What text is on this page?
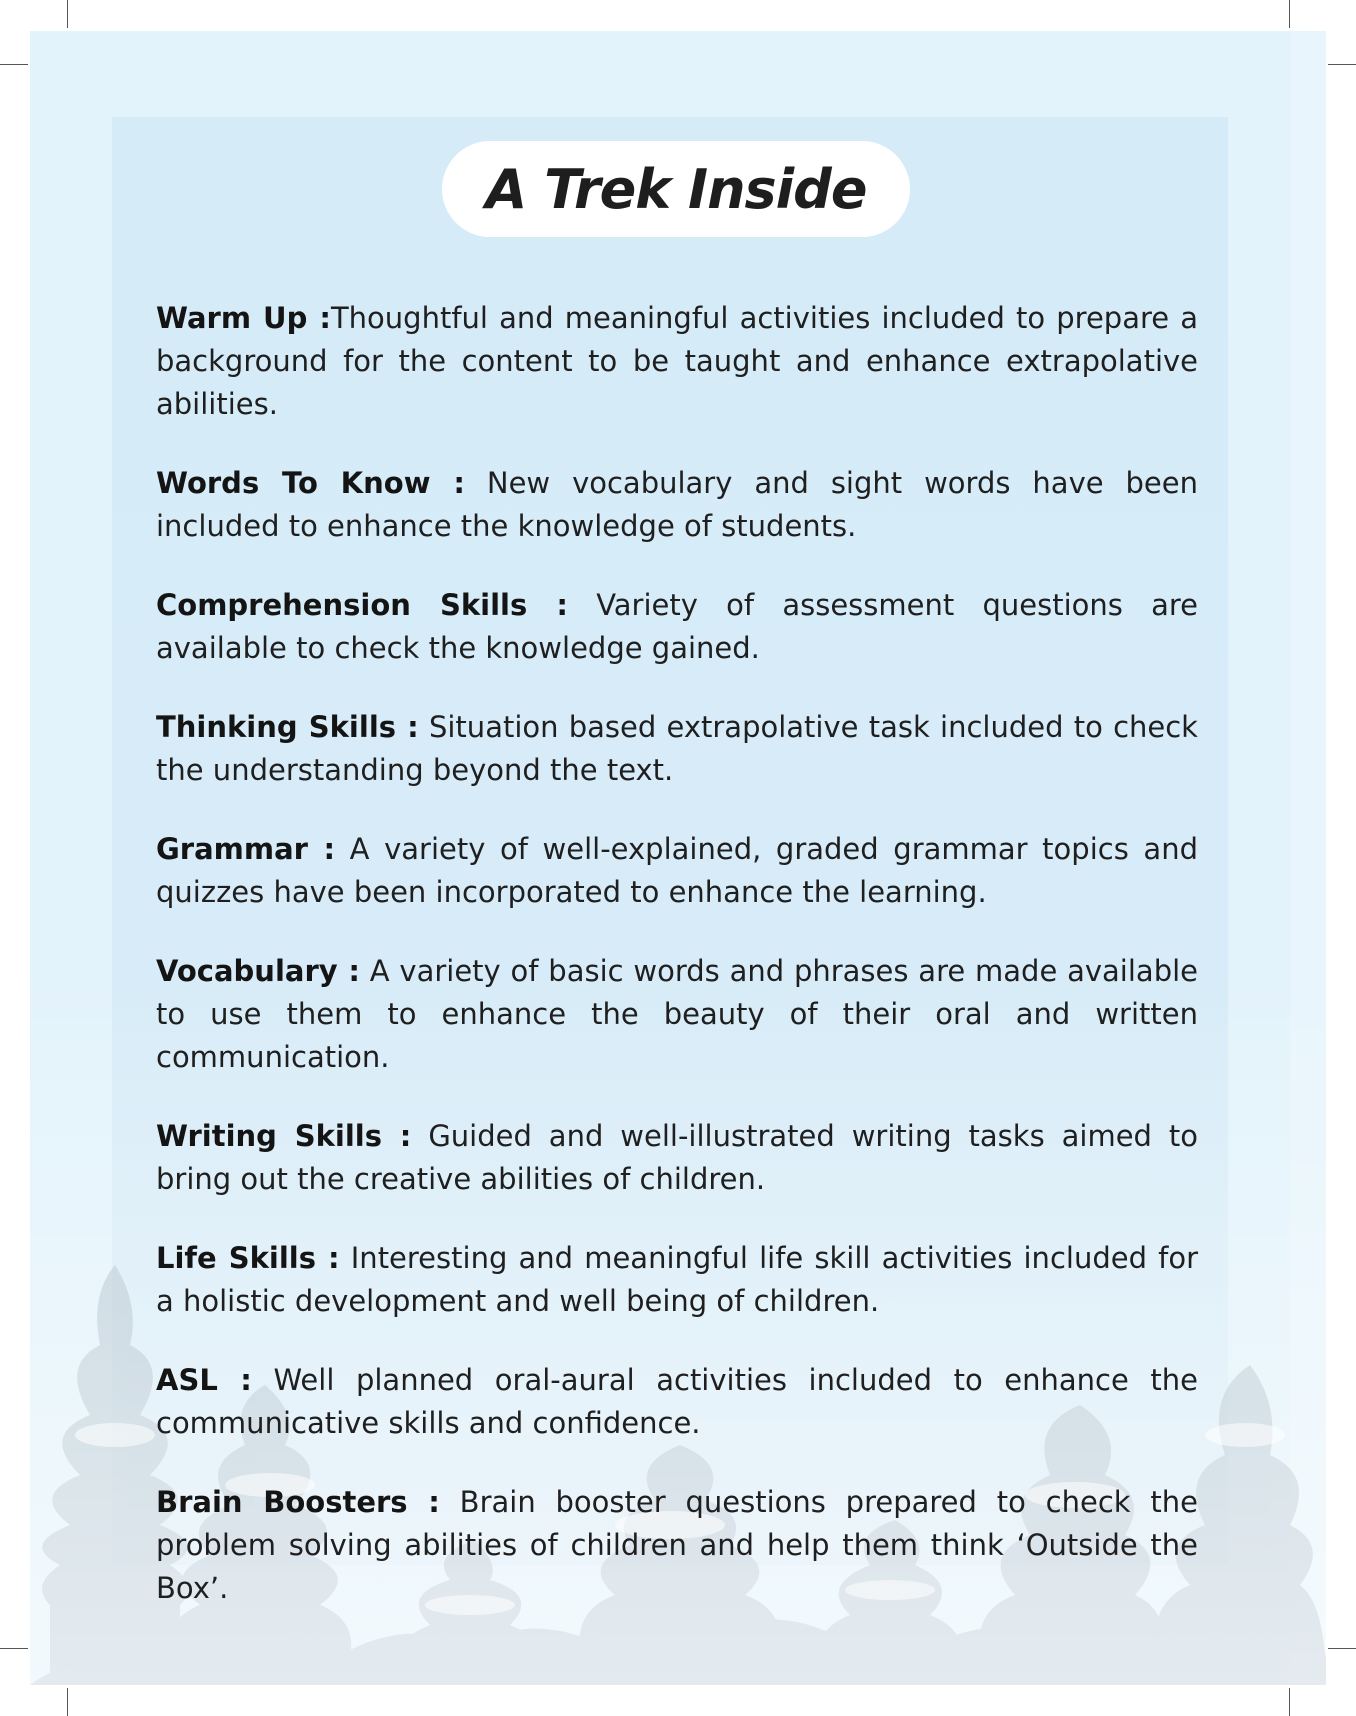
A Trek Inside

Warm Up :Thoughtful and meaningful activities included to prepare a background for the content to be taught and enhance extrapolative abilities.

Words To Know : New vocabulary and sight words have been included to enhance the knowledge of students.

Comprehension Skills : Variety of assessment questions are available to check the knowledge gained.

Thinking Skills : Situation based extrapolative task included to check the understanding beyond the text.

Grammar : A variety of well-explained, graded grammar topics and quizzes have been incorporated to enhance the learning.

Vocabulary : A variety of basic words and phrases are made available to use them to enhance the beauty of their oral and written communication.

Writing Skills : Guided and well-illustrated writing tasks aimed to bring out the creative abilities of children.

Life Skills : Interesting and meaningful life skill activities included for a holistic development and well being of children.

ASL : Well planned oral-aural activities included to enhance the communicative skills and confidence.

Brain Boosters : Brain booster questions prepared to check the problem solving abilities of children and help them think ‘Outside the Box’.
